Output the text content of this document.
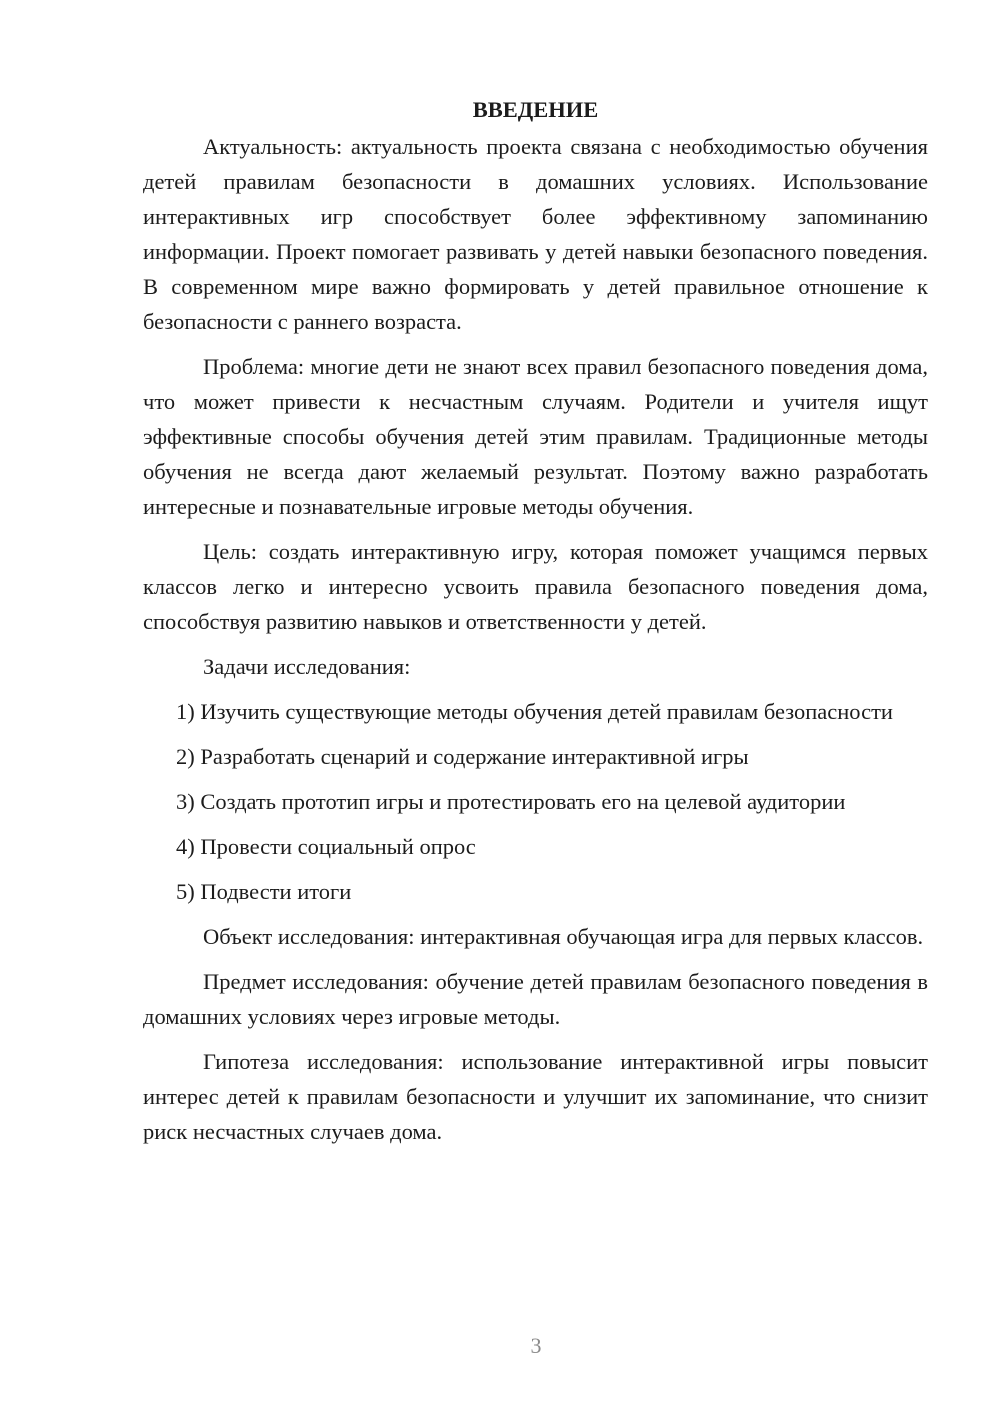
ВВЕДЕНИЕ

Актуальность: актуальность проекта связана с необходимостью обучения детей правилам безопасности в домашних условиях. Использование интерактивных игр способствует более эффективному запоминанию информации. Проект помогает развивать у детей навыки безопасного поведения. В современном мире важно формировать у детей правильное отношение к безопасности с раннего возраста.

Проблема: многие дети не знают всех правил безопасного поведения дома, что может привести к несчастным случаям. Родители и учителя ищут эффективные способы обучения детей этим правилам. Традиционные методы обучения не всегда дают желаемый результат. Поэтому важно разработать интересные и познавательные игровые методы обучения.

Цель: создать интерактивную игру, которая поможет учащимся первых классов легко и интересно усвоить правила безопасного поведения дома, способствуя развитию навыков и ответственности у детей.

Задачи исследования:

1) Изучить существующие методы обучения детей правилам безопасности

2) Разработать сценарий и содержание интерактивной игры

3) Создать прототип игры и протестировать его на целевой аудитории

4) Провести социальный опрос

5) Подвести итоги

Объект исследования: интерактивная обучающая игра для первых классов.

Предмет исследования: обучение детей правилам безопасного поведения в домашних условиях через игровые методы.

Гипотеза исследования: использование интерактивной игры повысит интерес детей к правилам безопасности и улучшит их запоминание, что снизит риск несчастных случаев дома.

3
